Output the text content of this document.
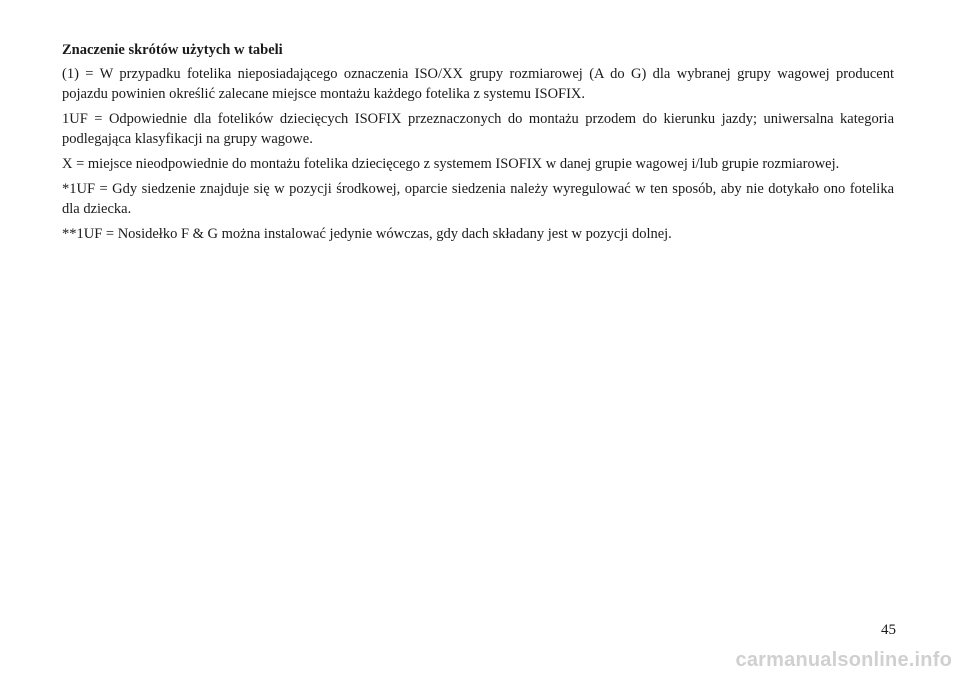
Znaczenie skrótów użytych w tabeli

(1) = W przypadku fotelika nieposiadającego oznaczenia ISO/XX grupy rozmiarowej (A do G) dla wybranej grupy wagowej producent pojazdu powinien określić zalecane miejsce montażu każdego fotelika z systemu ISOFIX.

1UF = Odpowiednie dla fotelików dziecięcych ISOFIX przeznaczonych do montażu przodem do kierunku jazdy; uniwersalna kategoria podlegająca klasyfikacji na grupy wagowe.

X = miejsce nieodpowiednie do montażu fotelika dziecięcego z systemem ISOFIX w danej grupie wagowej i/lub grupie rozmiarowej.

*1UF = Gdy siedzenie znajduje się w pozycji środkowej, oparcie siedzenia należy wyregulować w ten sposób, aby nie dotykało ono fotelika dla dziecka.

**1UF = Nosidełko F & G można instalować jedynie wówczas, gdy dach składany jest w pozycji dolnej.

45
carmanualsonline.info
